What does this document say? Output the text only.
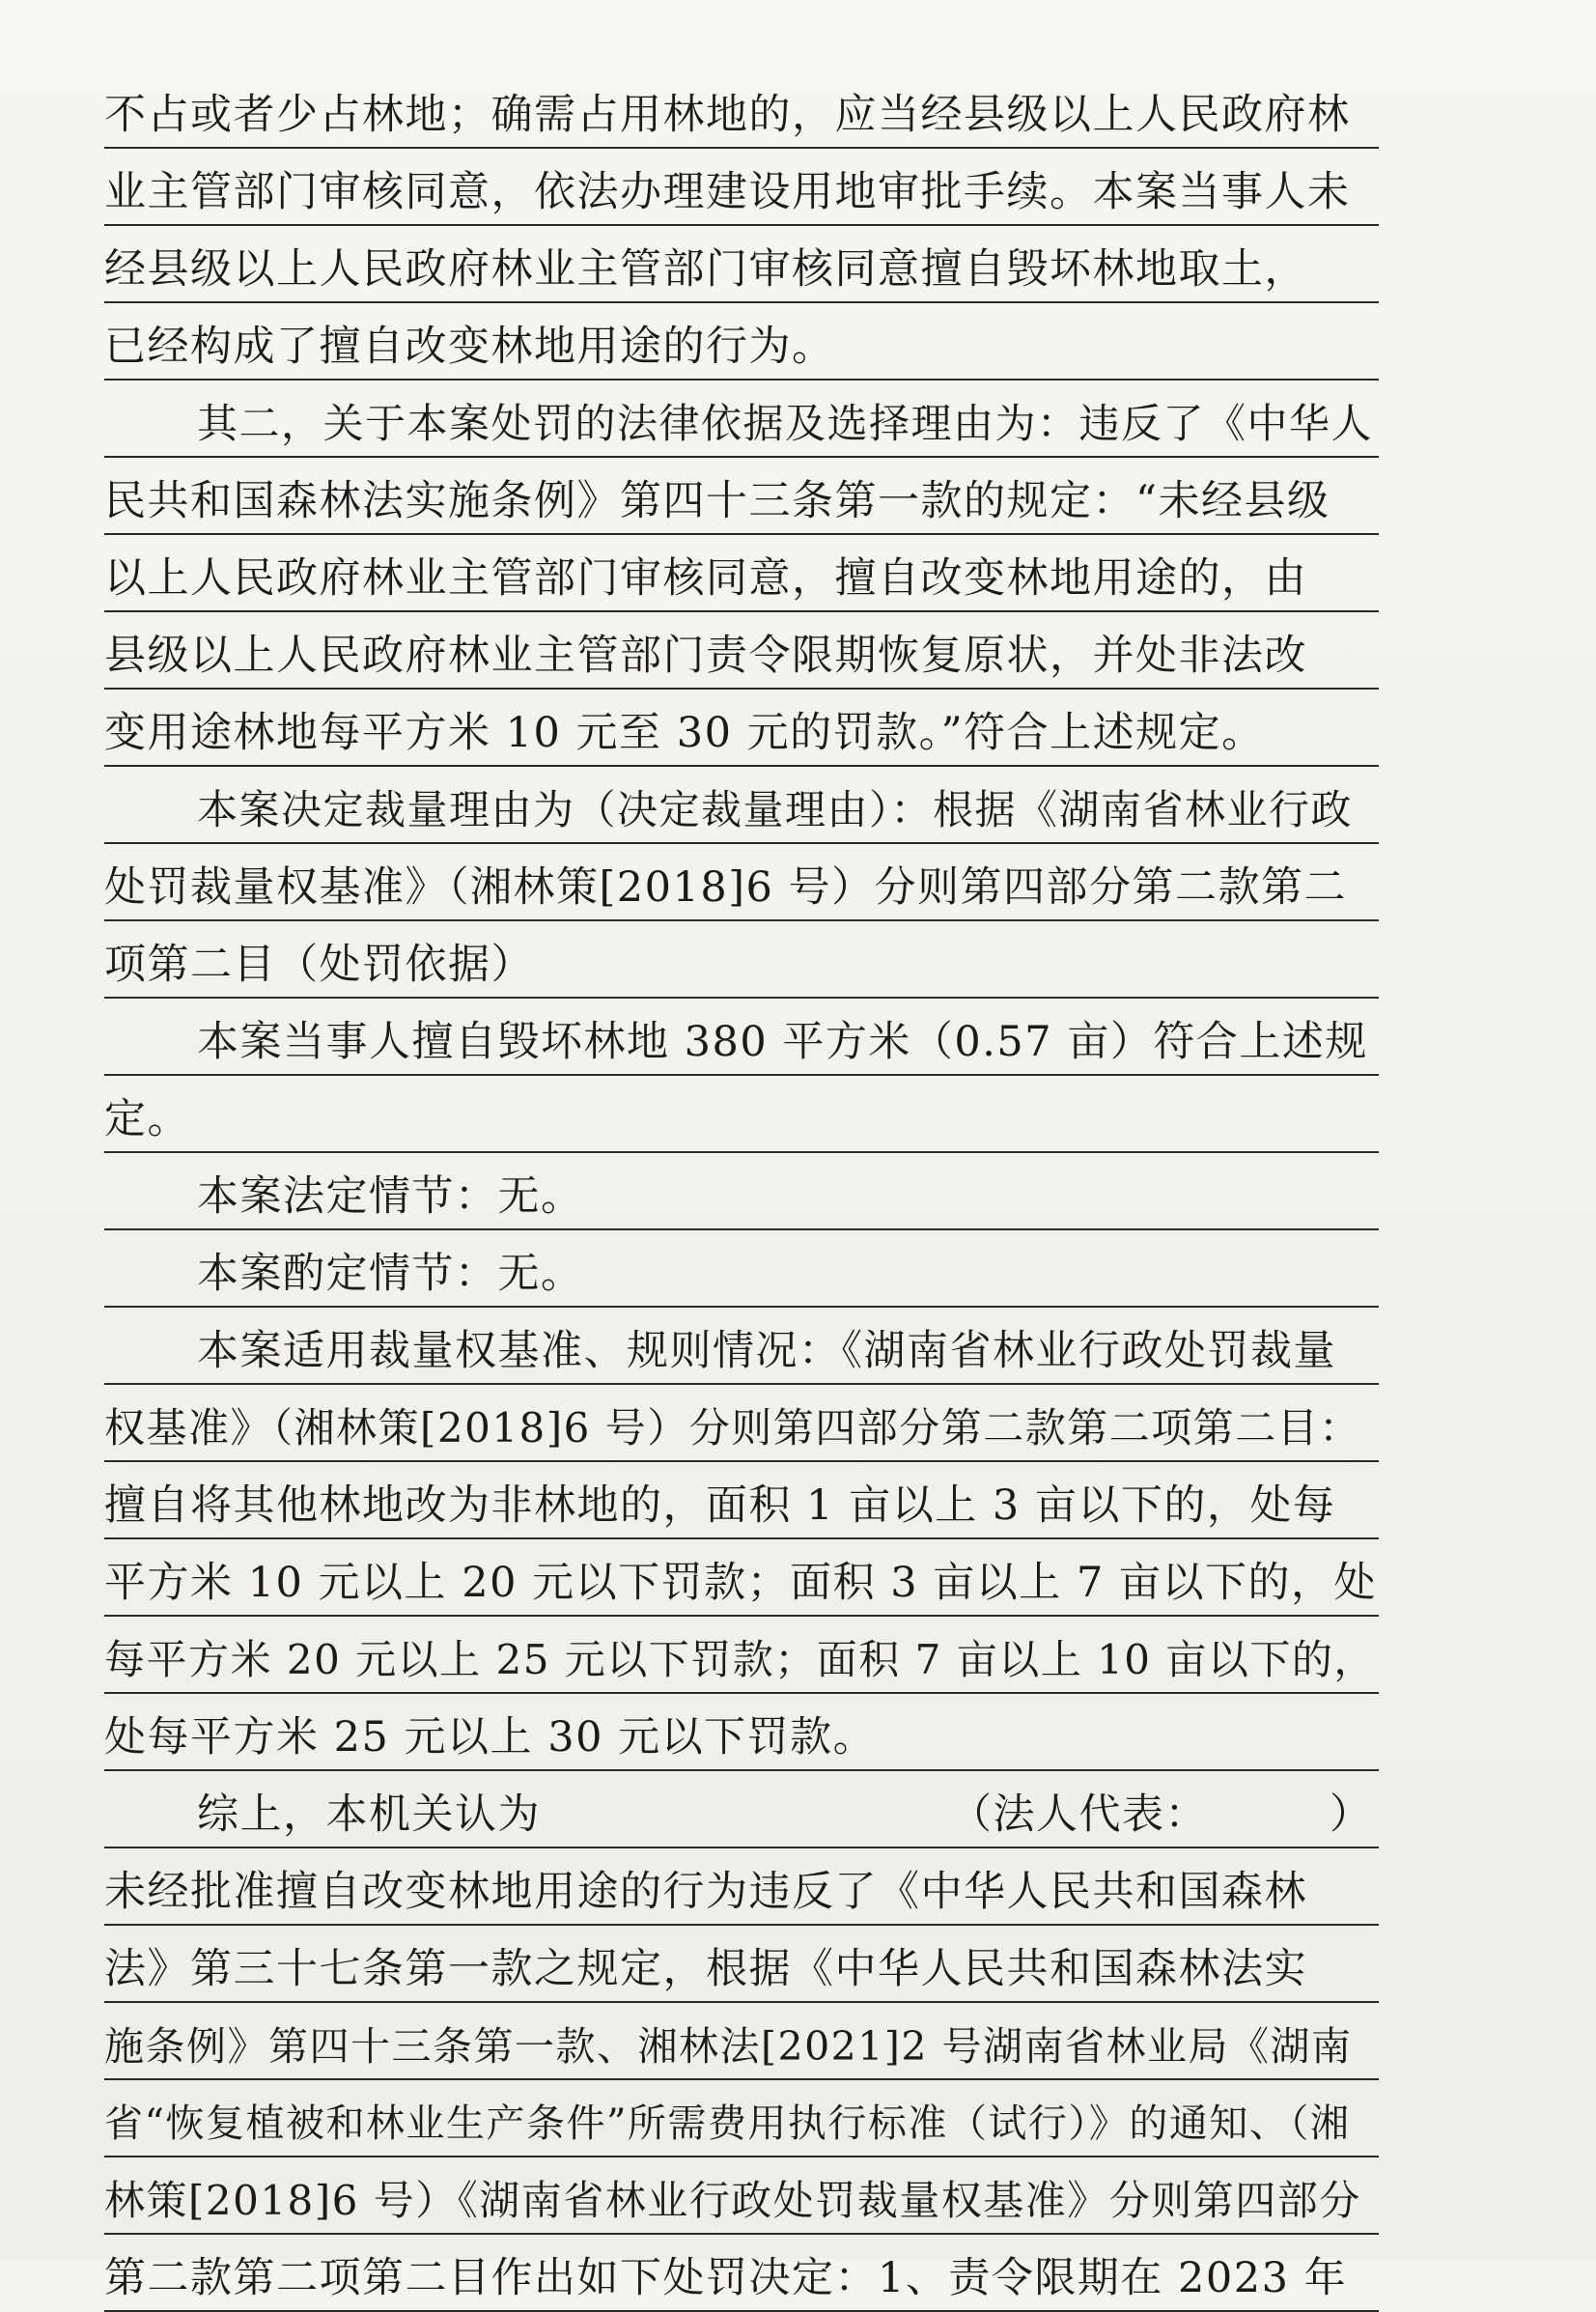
不占或者少占林地；确需占用林地的，应当经县级以上人民政府林
业主管部门审核同意，依法办理建设用地审批手续。本案当事人未
经县级以上人民政府林业主管部门审核同意擅自毁坏林地取土，
已经构成了擅自改变林地用途的行为。
其二，关于本案处罚的法律依据及选择理由为：违反了《中华人
民共和国森林法实施条例》第四十三条第一款的规定：“未经县级
以上人民政府林业主管部门审核同意，擅自改变林地用途的，由
县级以上人民政府林业主管部门责令限期恢复原状，并处非法改
变用途林地每平方米 10 元至 30 元的罚款。”符合上述规定。
本案决定裁量理由为（决定裁量理由）：根据《湖南省林业行政
处罚裁量权基准》（湘林策[2018]6 号）分则第四部分第二款第二
项第二目（处罚依据）
本案当事人擅自毁坏林地 380 平方米（0.57 亩）符合上述规
定。
本案法定情节：无。
本案酌定情节：无。
本案适用裁量权基准、规则情况：《湖南省林业行政处罚裁量
权基准》（湘林策[2018]6 号）分则第四部分第二款第二项第二目：
擅自将其他林地改为非林地的，面积 1 亩以上 3 亩以下的，处每
平方米 10 元以上 20 元以下罚款；面积 3 亩以上 7 亩以下的，处
每平方米 20 元以上 25 元以下罚款；面积 7 亩以上 10 亩以下的，
处每平方米 25 元以上 30 元以下罚款。
综上，本机关认为	（法人代表：	）
未经批准擅自改变林地用途的行为违反了《中华人民共和国森林
法》第三十七条第一款之规定，根据《中华人民共和国森林法实
施条例》第四十三条第一款、湘林法[2021]2 号湖南省林业局《湖南
省“恢复植被和林业生产条件”所需费用执行标准（试行）》的通知、（湘
林策[2018]6 号）《湖南省林业行政处罚裁量权基准》分则第四部分
第二款第二项第二目作出如下处罚决定：1、责令限期在 2023 年
